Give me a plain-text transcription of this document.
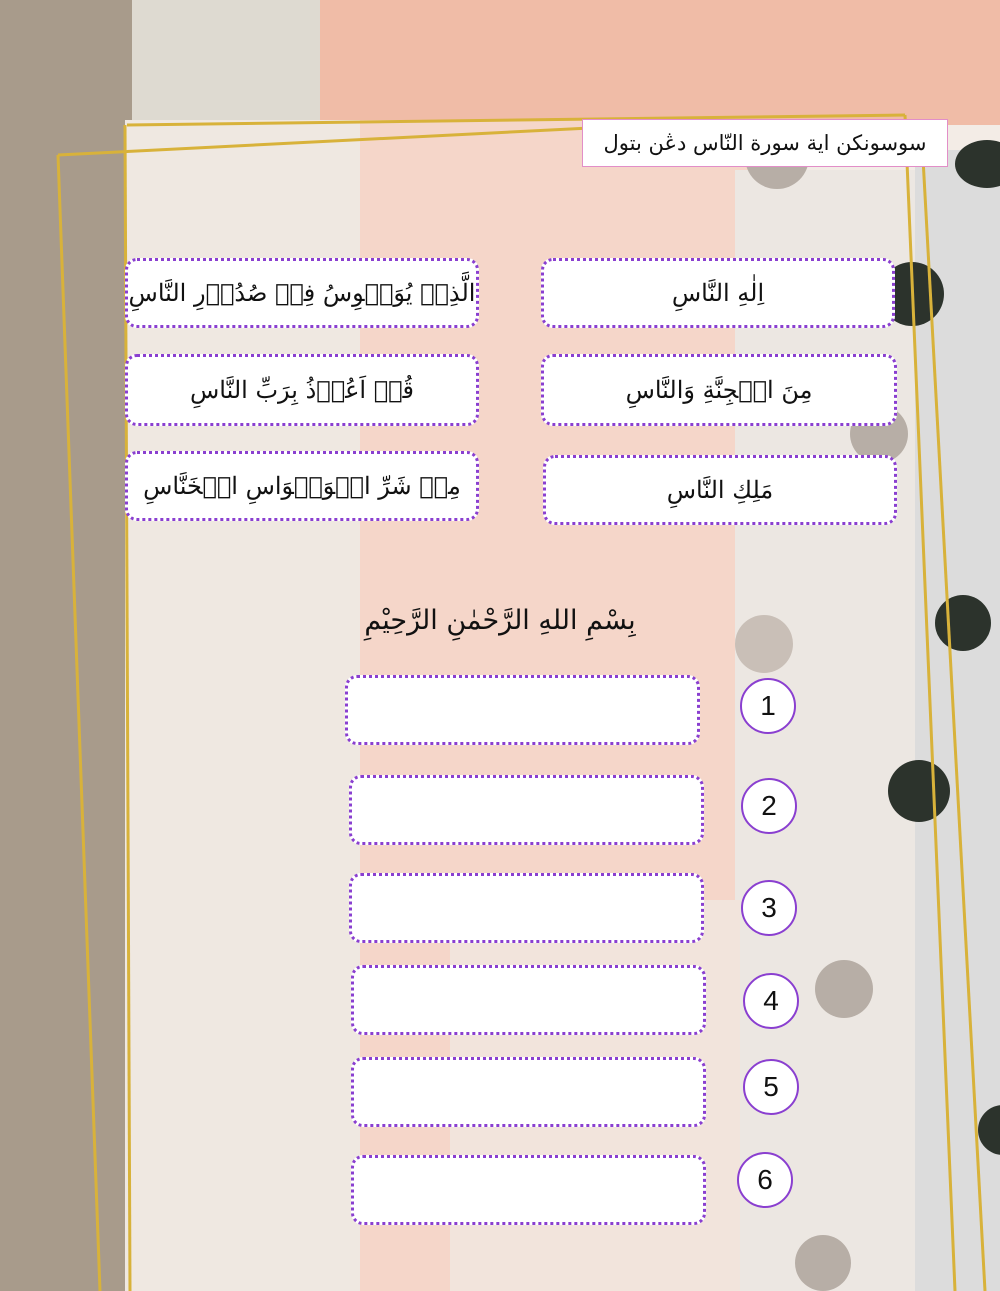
سوسونكن اية سورة النّاس دڠن بتول
اِلٰهِ النَّاسِ
الَّذِىۡ يُوَسۡوِسُ فِىۡ صُدُوۡرِ النَّاسِ
مِنَ الۡجِنَّةِ وَالنَّاسِ
قُلۡ اَعُوۡذُ بِرَبِّ النَّاسِ
مَلِكِ النَّاسِ
مِنۡ شَرِّ الۡوَسۡوَاسِ الۡخَنَّاسِ
بِسْمِ اللهِ الرَّحْمٰنِ الرَّحِيْمِ
1
2
3
4
5
6
